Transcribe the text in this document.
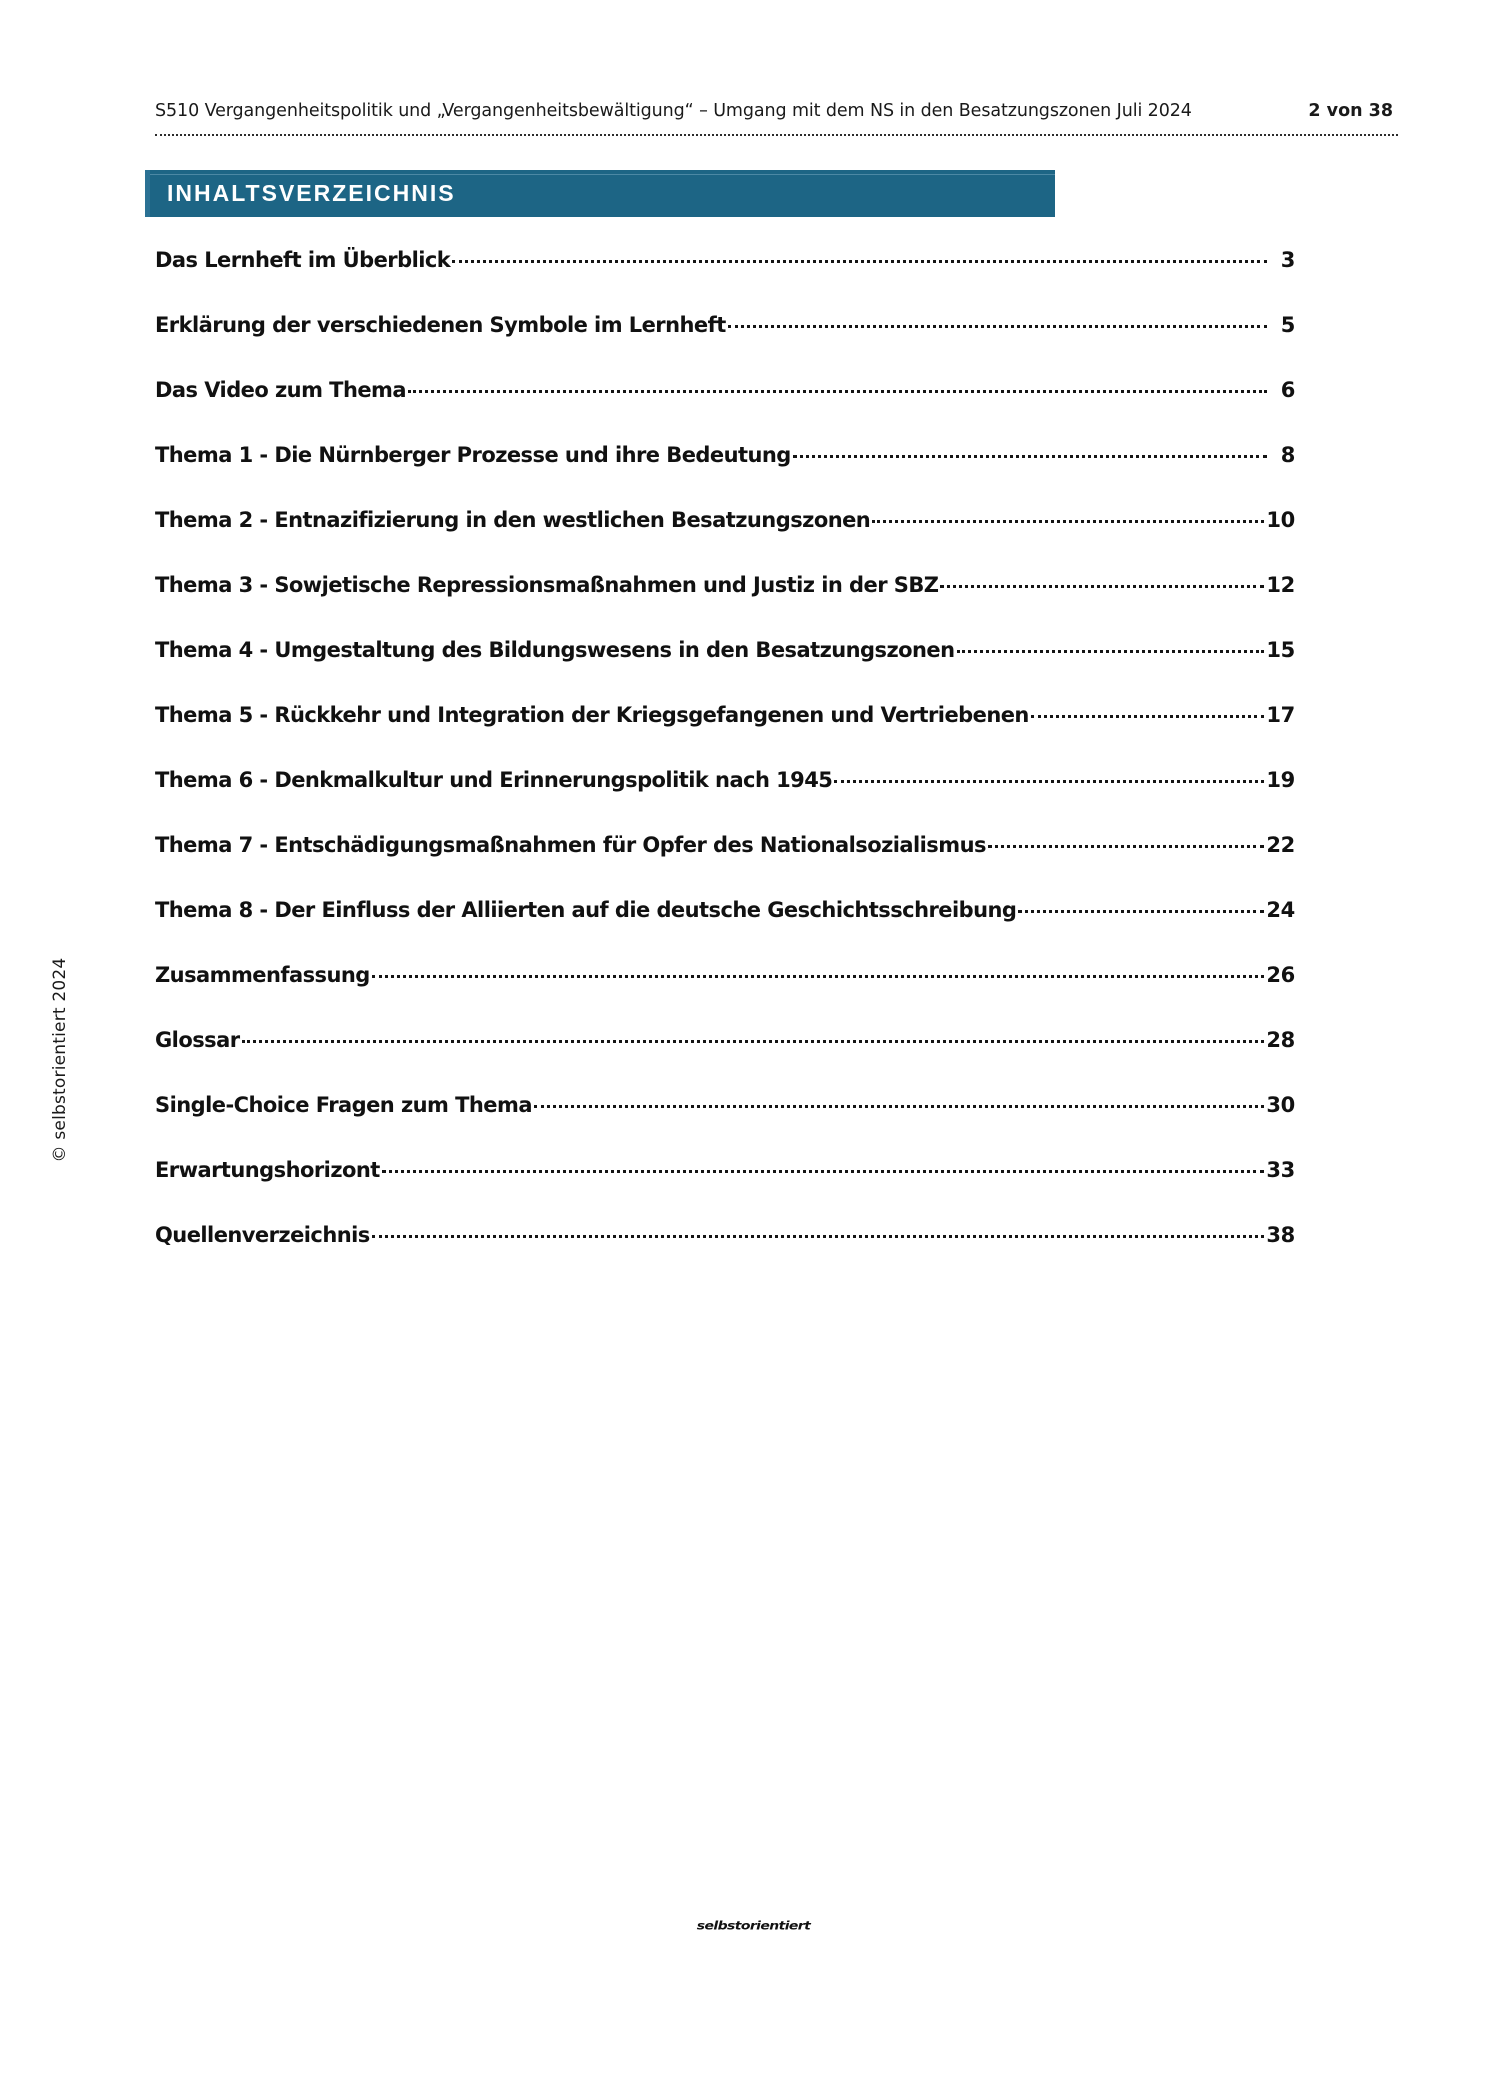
S510 Vergangenheitspolitik und „Vergangenheitsbewältigung“ – Umgang mit dem NS in den Besatzungszonen Juli 2024	2 von 38
INHALTSVERZEICHNIS
Das Lernheft im Überblick	3
Erklärung der verschiedenen Symbole im Lernheft	5
Das Video zum Thema	6
Thema 1 - Die Nürnberger Prozesse und ihre Bedeutung	8
Thema 2 - Entnazifizierung in den westlichen Besatzungszonen	10
Thema 3 - Sowjetische Repressionsmaßnahmen und Justiz in der SBZ	12
Thema 4 - Umgestaltung des Bildungswesens in den Besatzungszonen	15
Thema 5 - Rückkehr und Integration der Kriegsgefangenen und Vertriebenen	17
Thema 6 - Denkmalkultur und Erinnerungspolitik nach 1945	19
Thema 7 - Entschädigungsmaßnahmen für Opfer des Nationalsozialismus	22
Thema 8 - Der Einfluss der Alliierten auf die deutsche Geschichtsschreibung	24
Zusammenfassung	26
Glossar	28
Single-Choice Fragen zum Thema	30
Erwartungshorizont	33
Quellenverzeichnis	38
© selbstorientiert 2024
selbstorientiert
